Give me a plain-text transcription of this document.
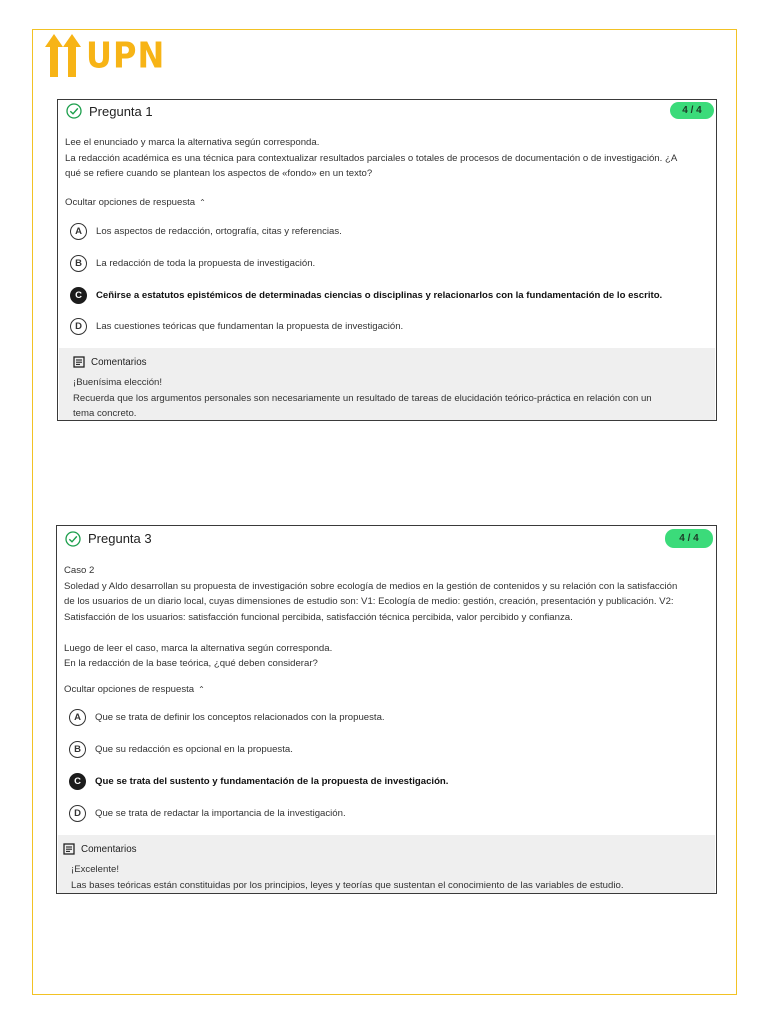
UPN
Pregunta 1	4 / 4
Lee el enunciado y marca la alternativa según corresponda.
La redacción académica es una técnica para contextualizar resultados parciales o totales de procesos de documentación o de investigación. ¿A
qué se refiere cuando se plantean los aspectos de «fondo» en un texto?
Ocultar opciones de respuesta ⌃
A	Los aspectos de redacción, ortografía, citas y referencias.
B	La redacción de toda la propuesta de investigación.
C	Ceñirse a estatutos epistémicos de determinadas ciencias o disciplinas y relacionarlos con la fundamentación de lo escrito.
D	Las cuestiones teóricas que fundamentan la propuesta de investigación.
Comentarios
¡Buenísima elección!
Recuerda que los argumentos personales son necesariamente un resultado de tareas de elucidación teórico-práctica en relación con un
tema concreto.
Pregunta 3	4 / 4
Caso 2
Soledad y Aldo desarrollan su propuesta de investigación sobre ecología de medios en la gestión de contenidos y su relación con la satisfacción
de los usuarios de un diario local, cuyas dimensiones de estudio son: V1: Ecología de medio: gestión, creación, presentación y publicación. V2:
Satisfacción de los usuarios: satisfacción funcional percibida, satisfacción técnica percibida, valor percibido y confianza.
Luego de leer el caso, marca la alternativa según corresponda.
En la redacción de la base teórica, ¿qué deben considerar?
Ocultar opciones de respuesta ⌃
A	Que se trata de definir los conceptos relacionados con la propuesta.
B	Que su redacción es opcional en la propuesta.
C	Que se trata del sustento y fundamentación de la propuesta de investigación.
D	Que se trata de redactar la importancia de la investigación.
Comentarios
¡Excelente!
Las bases teóricas están constituidas por los principios, leyes y teorías que sustentan el conocimiento de las variables de estudio.
